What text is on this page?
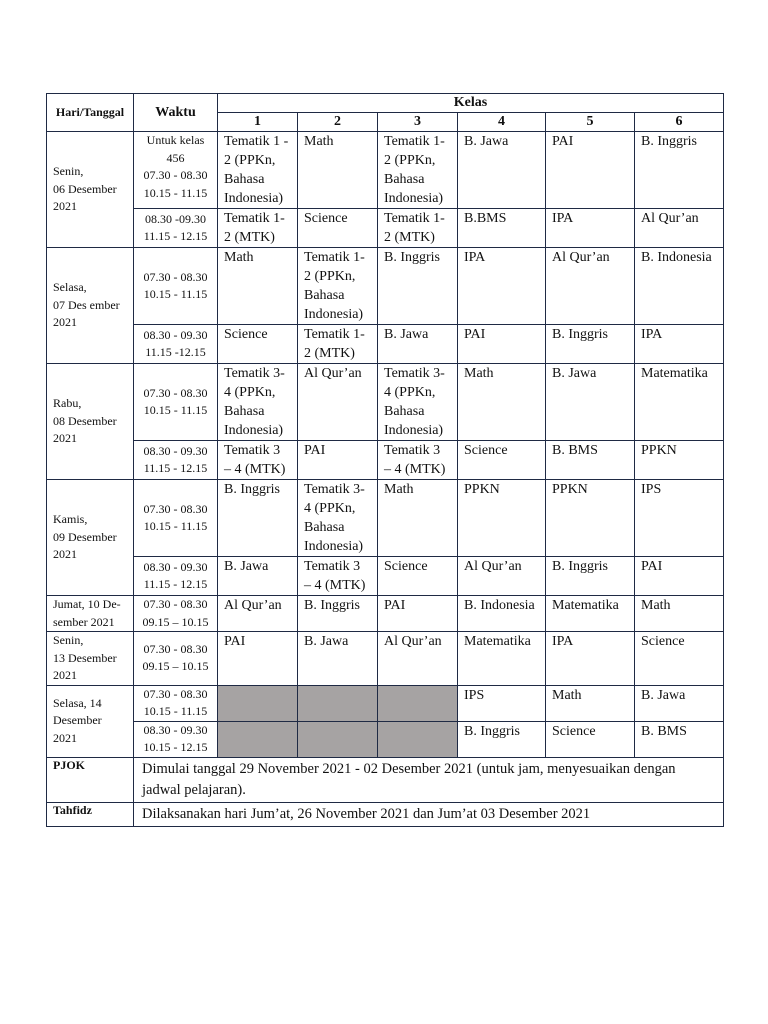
Hari/Tanggal	Waktu	Kelas					
		1	2	3	4	5	6

Senin,
06 Desember
2021	Untuk kelas
456
07.30 - 08.30
10.15 - 11.15	Tematik 1 -
2 (PPKn,
Bahasa
Indonesia)	Math	Tematik 1-
2 (PPKn,
Bahasa
Indonesia)	B. Jawa	PAI	B. Inggris

	08.30 -09.30
11.15 - 12.15	Tematik 1-
2 (MTK)	Science	Tematik 1-
2 (MTK)	B.BMS	IPA	Al Qur’an

Selasa,
07 Des ember
2021	07.30 - 08.30
10.15 - 11.15	Math	Tematik 1-
2 (PPKn,
Bahasa
Indonesia)	B. Inggris	IPA	Al Qur’an	B. Indonesia

	08.30 - 09.30
11.15 -12.15	Science	Tematik 1-
2 (MTK)	B. Jawa	PAI	B. Inggris	IPA

Rabu,
08 Desember
2021	07.30 - 08.30
10.15 - 11.15	Tematik 3-
4 (PPKn,
Bahasa
Indonesia)	Al Qur’an	Tematik 3-
4 (PPKn,
Bahasa
Indonesia)	Math	B. Jawa	Matematika

	08.30 - 09.30
11.15 - 12.15	Tematik 3
– 4 (MTK)	PAI	Tematik 3
– 4 (MTK)	Science	B. BMS	PPKN

Kamis,
09 Desember
2021	07.30 - 08.30
10.15 - 11.15	B. Inggris	Tematik 3-
4 (PPKn,
Bahasa
Indonesia)	Math	PPKN	PPKN	IPS

	08.30 - 09.30
11.15 - 12.15	B. Jawa	Tematik 3
– 4 (MTK)	Science	Al Qur’an	B. Inggris	PAI

Jumat, 10 De-
sember 2021	07.30 - 08.30
09.15 – 10.15	Al Qur’an	B. Inggris	PAI	B. Indonesia	Matematika	Math

Senin,
13 Desember
2021	07.30 - 08.30
09.15 – 10.15	PAI	B. Jawa	Al Qur’an	Matematika	IPA	Science

Selasa, 14
Desember
2021	07.30 - 08.30
10.15 - 11.15				IPS	Math	B. Jawa

	08.30 - 09.30
10.15 - 12.15				B. Inggris	Science	B. BMS

PJOK	Dimulai tanggal 29 November 2021 - 02 Desember 2021 (untuk jam, menyesuaikan dengan jadwal pelajaran).						
Tahfidz	Dilaksanakan hari Jum’at, 26 November 2021 dan Jum’at 03 Desember 2021						
